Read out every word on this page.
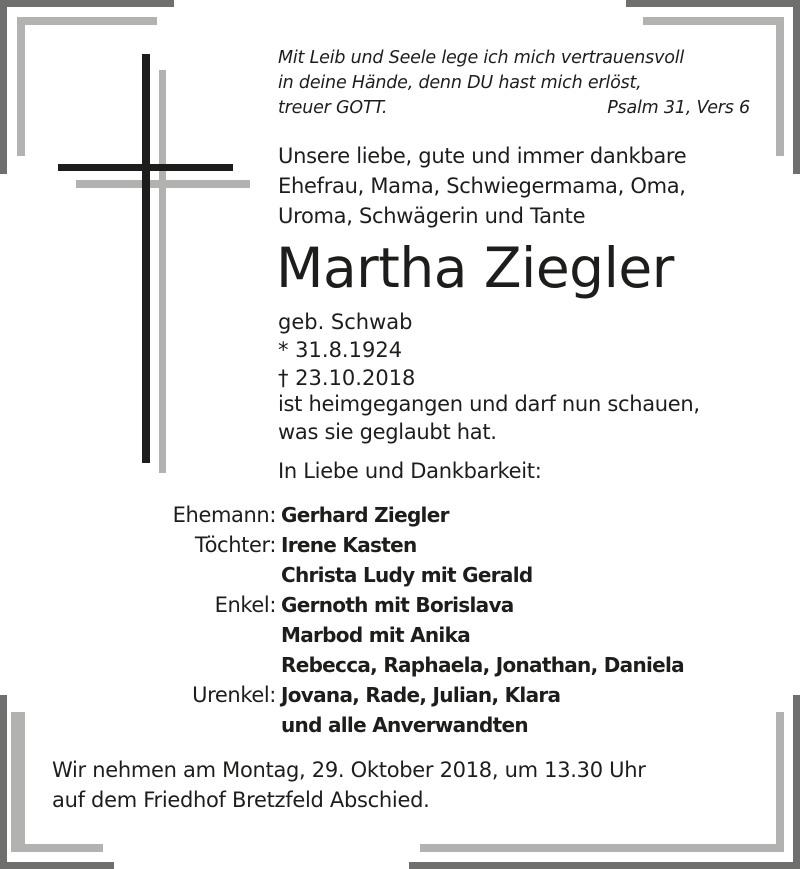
Mit Leib und Seele lege ich mich vertrauensvoll
in deine Hände, denn DU hast mich erlöst,
treuer GOTT.	Psalm 31, Vers 6
Unsere liebe, gute und immer dankbare
Ehefrau, Mama, Schwiegermama, Oma,
Uroma, Schwägerin und Tante
Martha Ziegler
geb. Schwab
* 31.8.1924
† 23.10.2018
ist heimgegangen und darf nun schauen,
was sie geglaubt hat.
In Liebe und Dankbarkeit:
Ehemann: Gerhard Ziegler
Töchter: Irene Kasten
Christa Ludy mit Gerald
Enkel: Gernoth mit Borislava
Marbod mit Anika
Rebecca, Raphaela, Jonathan, Daniela
Urenkel: Jovana, Rade, Julian, Klara
und alle Anverwandten
Wir nehmen am Montag, 29. Oktober 2018, um 13.30 Uhr
auf dem Friedhof Bretzfeld Abschied.
